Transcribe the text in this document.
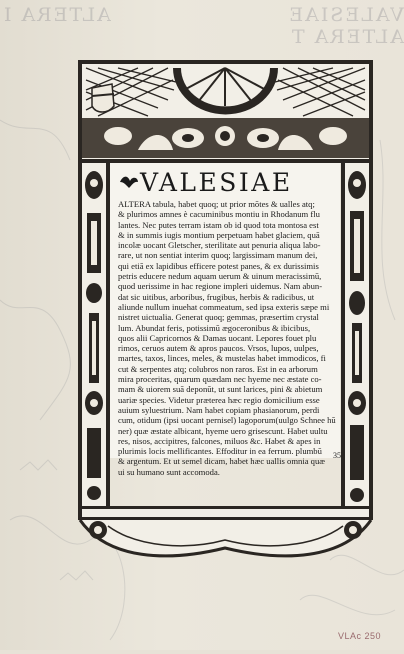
ALTERA I	VALESIAE ALTERA T
VALESIAE
ALTERA tabula, habet quoq; ut prior mōtes & ualles atq;
& plurimos amnes è cacuminibus montiu in Rhodanum flu
lantes. Nec putes terram istam ob id quod tota montosa est
& in summis iugis montium perpetuam habet glaciem, quā
incolæ uocant Gletscher, sterilitate aut penuria aliqua labo-
rare, ut non sentiat interim quoq; largissimam manum dei,
qui etiā ex lapidibus efficere potest panes, & ex durissimis
petris educere nedum aquam uerum & uinum meracissimū,
quod uerissime in hac regione impleri uidemus. Nam abun-
dat sic uitibus, arboribus, frugibus, herbis & radicibus, ut
aliunde nullum inuehat commeatum, sed ipsa exteris sæpe mi
nistret uictualia. Generat quoq; gemmas, præsertim crystal
lum. Abundat feris, potissimū ægoceronibus & ibicibus,
quos alii Capricornos & Damas uocant. Lepores fouet plu
rimos, ceruos autem & apros paucos. Vrsos, lupos, uulpes,
martes, taxos, linces, meles, & mustelas habet immodicos, fi
cut & serpentes atq; colubros non raros. Est in ea arborum
mira proceritas, quarum quædam nec hyeme nec æstate co-
mam & uiorem suā deponūt, ut sunt larices, pini & abietum
uariæ species. Videtur præterea hæc regio domicilium esse
auium syluestrium. Nam habet copiam phasianorum, perdi
cum, otidum (ipsi uocant pernisel) lagoporum(uulgo Schnee hū
ner) quæ æstate albicant, hyeme uero grisescunt. Habet uultu
res, nisos, accipitres, falcones, miluos &c. Habet & apes in
plurimis locis mellificantes. Effoditur in ea ferrum. plumbū
& argentum. Et ut semel dicam, habet hæc uallis omnia quæ
ui su humano sunt accomoda.
35
VLAc 250
